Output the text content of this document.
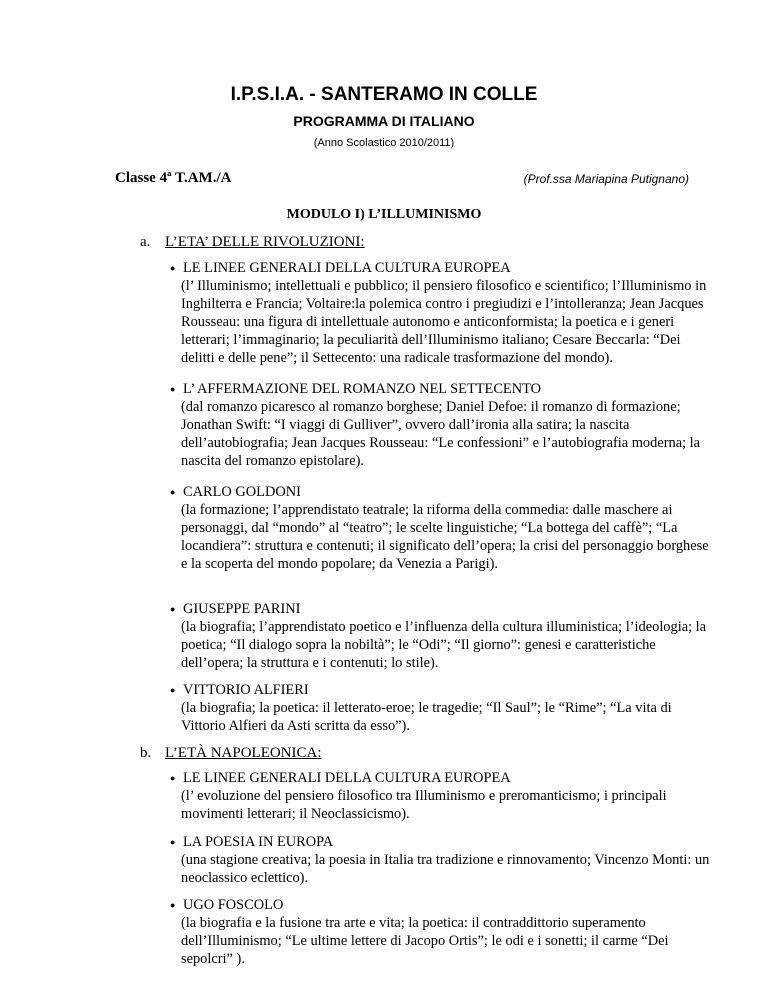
I.P.S.I.A. - SANTERAMO IN COLLE
PROGRAMMA DI ITALIANO
(Anno Scolastico 2010/2011)
Classe 4ª T.AM./A	(Prof.ssa Mariapina Putignano)
MODULO I) L’ILLUMINISMO
a. L’ETA’ DELLE RIVOLUZIONI:
● LE LINEE GENERALI DELLA CULTURA EUROPEA
(l’ Illuminismo; intellettuali e pubblico; il pensiero filosofico e scientifico; l’Illuminismo in Inghilterra e Francia; Voltaire:la polemica contro i pregiudizi e l’intolleranza; Jean Jacques Rousseau: una figura di intellettuale autonomo e anticonformista; la poetica e i generi letterari; l’immaginario; la peculiarità dell’Illuminismo italiano; Cesare Beccarla: “Dei delitti e delle pene”; il Settecento: una radicale trasformazione del mondo).
● L’ AFFERMAZIONE DEL ROMANZO NEL SETTECENTO
(dal romanzo picaresco al romanzo borghese; Daniel Defoe: il romanzo di formazione; Jonathan Swift: “I viaggi di Gulliver”, ovvero dall’ironia alla satira; la nascita dell’autobiografia; Jean Jacques Rousseau: “Le confessioni” e l’autobiografia moderna; la nascita del romanzo epistolare).
● CARLO GOLDONI
(la formazione; l’apprendistato teatrale; la riforma della commedia: dalle maschere ai personaggi, dal “mondo” al “teatro”; le scelte linguistiche; “La bottega del caffè”; “La locandiera”: struttura e contenuti; il significato dell’opera; la crisi del personaggio borghese e la scoperta del mondo popolare; da Venezia a Parigi).
● GIUSEPPE PARINI
(la biografia; l’apprendistato poetico e l’influenza della cultura illuministica; l’ideologia; la poetica; “Il dialogo sopra la nobiltà”; le “Odi”; “Il giorno”: genesi e caratteristiche dell’opera; la struttura e i contenuti; lo stile).
● VITTORIO ALFIERI
(la biografia; la poetica: il letterato-eroe; le tragedie; “Il Saul”; le “Rime”; “La vita di Vittorio Alfieri da Asti scritta da esso”).
b. L’ETÀ NAPOLEONICA:
● LE LINEE GENERALI DELLA CULTURA EUROPEA
(l’ evoluzione del pensiero filosofico tra Illuminismo e preromanticismo; i principali movimenti letterari; il Neoclassicismo).
● LA POESIA IN EUROPA
(una stagione creativa; la poesia in Italia tra tradizione e rinnovamento; Vincenzo Monti: un neoclassico eclettico).
● UGO FOSCOLO
(la biografia e la fusione tra arte e vita; la poetica: il contraddittorio superamento dell’Illuminismo; “Le ultime lettere di Jacopo Ortis”; le odi e i sonetti; il carme “Dei sepolcri” ).
